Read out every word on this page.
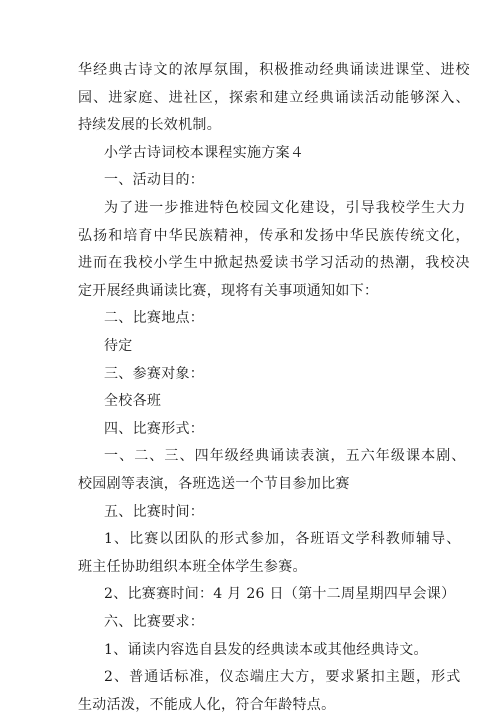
华经典古诗文的浓厚氛围，积极推动经典诵读进课堂、进校
园、进家庭、进社区，探索和建立经典诵读活动能够深入、
持续发展的长效机制。
小学古诗词校本课程实施方案４
一、活动目的：
为了进一步推进特色校园文化建设，引导我校学生大力
弘扬和培育中华民族精神，传承和发扬中华民族传统文化，
进而在我校小学生中掀起热爱读书学习活动的热潮，我校决
定开展经典诵读比赛，现将有关事项通知如下：
二、比赛地点：
待定
三、参赛对象：
全校各班
四、比赛形式：
一、二、三、四年级经典诵读表演，五六年级课本剧、
校园剧等表演，各班选送一个节目参加比赛
五、比赛时间：
1、比赛以团队的形式参加，各班语文学科教师辅导、
班主任协助组织本班全体学生参赛。
2、比赛赛时间：4 月 26 日（第十二周星期四早会课）
六、比赛要求：
1、诵读内容选自县发的经典读本或其他经典诗文。
2、普通话标准，仪态端庄大方，要求紧扣主题，形式
生动活泼，不能成人化，符合年龄特点。
